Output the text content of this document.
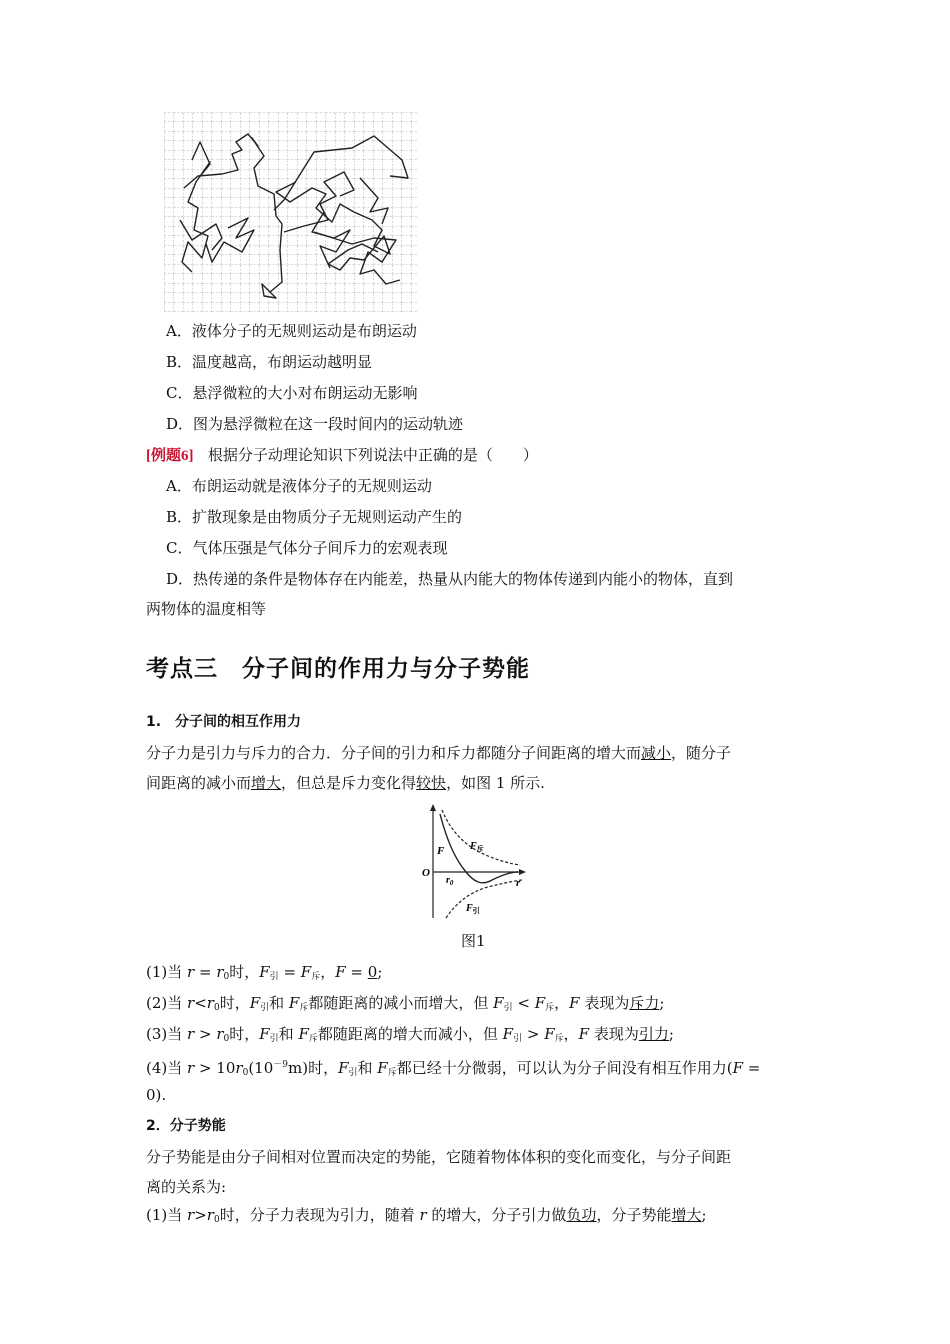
A．液体分子的无规则运动是布朗运动
B．温度越高，布朗运动越明显
C．悬浮微粒的大小对布朗运动无影响
D．图为悬浮微粒在这一段时间内的运动轨迹
[例题6] 根据分子动理论知识下列说法中正确的是（　　）
A．布朗运动就是液体分子的无规则运动
B．扩散现象是由物质分子无规则运动产生的
C．气体压强是气体分子间斥力的宏观表现
D．热传递的条件是物体存在内能差，热量从内能大的物体传递到内能小的物体，直到
两物体的温度相等
考点三　分子间的作用力与分子势能
1.　分子间的相互作用力
分子力是引力与斥力的合力．分子间的引力和斥力都随分子间距离的增大而减小，随分子
间距离的减小而增大，但总是斥力变化得较快，如图 1 所示.
F
O
$r_0$	r
$F_斥$
$F_引$
图1
(1)当 $r = r_0$时，$F_引 = F_斥$，F = 0;
(2)当 $r<r_0$时，$F_引$和 $F_斥$都随距离的减小而增大，但 $F_引 < F_斥$，F 表现为斥力;
(3)当 $r > r_0$时，$F_引$和 $F_斥$都随距离的增大而减小，但 $F_引 > F_斥$，F 表现为引力;
(4)当 $r > 10r_0(10^{-9}m)$时，$F_引$和 $F_斥$都已经十分微弱，可以认为分子间没有相互作用力(F =
0).
2．分子势能
分子势能是由分子间相对位置而决定的势能，它随着物体体积的变化而变化，与分子间距
离的关系为:
(1)当 $r>r_0$时，分子力表现为引力，随着 r 的增大，分子引力做负功，分子势能增大;
